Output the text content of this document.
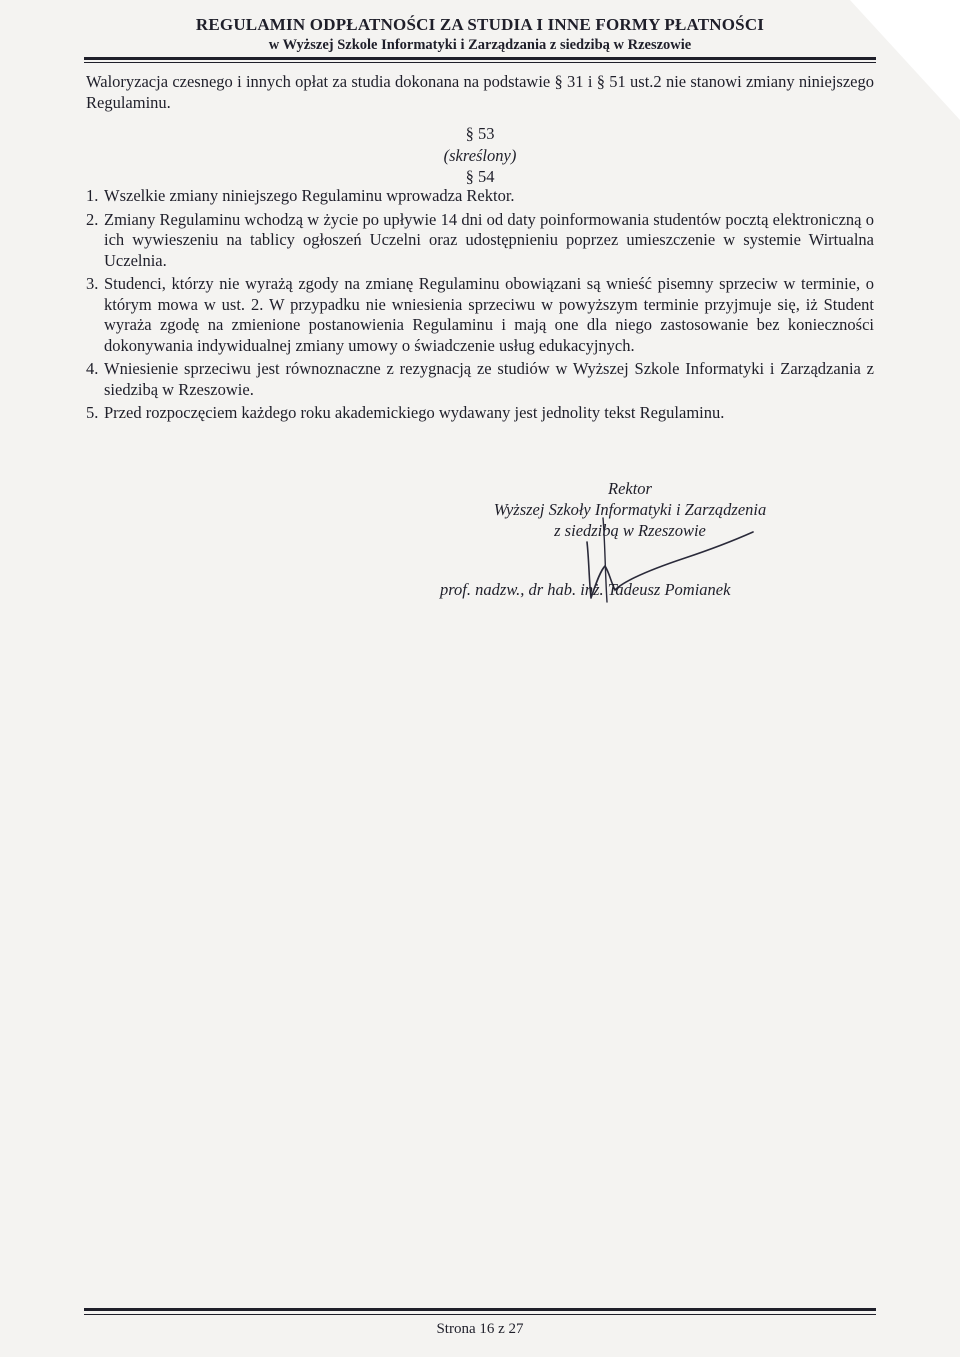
REGULAMIN ODPŁATNOŚCI ZA STUDIA I INNE FORMY PŁATNOŚCI
w Wyższej Szkole Informatyki i Zarządzania z siedzibą w Rzeszowie
Waloryzacja czesnego i innych opłat za studia dokonana na podstawie § 31 i § 51 ust.2 nie stanowi zmiany niniejszego Regulaminu.
§ 53
(skreślony)
§ 54
1. Wszelkie zmiany niniejszego Regulaminu wprowadza Rektor.
2. Zmiany Regulaminu wchodzą w życie po upływie 14 dni od daty poinformowania studentów pocztą elektroniczną o ich wywieszeniu na tablicy ogłoszeń Uczelni oraz udostępnieniu poprzez umieszczenie w systemie Wirtualna Uczelnia.
3. Studenci, którzy nie wyrażą zgody na zmianę Regulaminu obowiązani są wnieść pisemny sprzeciw w terminie, o którym mowa w ust. 2. W przypadku nie wniesienia sprzeciwu w powyższym terminie przyjmuje się, iż Student wyraża zgodę na zmienione postanowienia Regulaminu i mają one dla niego zastosowanie bez konieczności dokonywania indywidualnej zmiany umowy o świadczenie usług edukacyjnych.
4. Wniesienie sprzeciwu jest równoznaczne z rezygnacją ze studiów w Wyższej Szkole Informatyki i Zarządzania z siedzibą w Rzeszowie.
5. Przed rozpoczęciem każdego roku akademickiego wydawany jest jednolity tekst Regulaminu.
Rektor
Wyższej Szkoły Informatyki i Zarządzenia
z siedzibą w Rzeszowie
prof. nadzw., dr hab. inż. Tadeusz Pomianek
Strona 16 z 27
